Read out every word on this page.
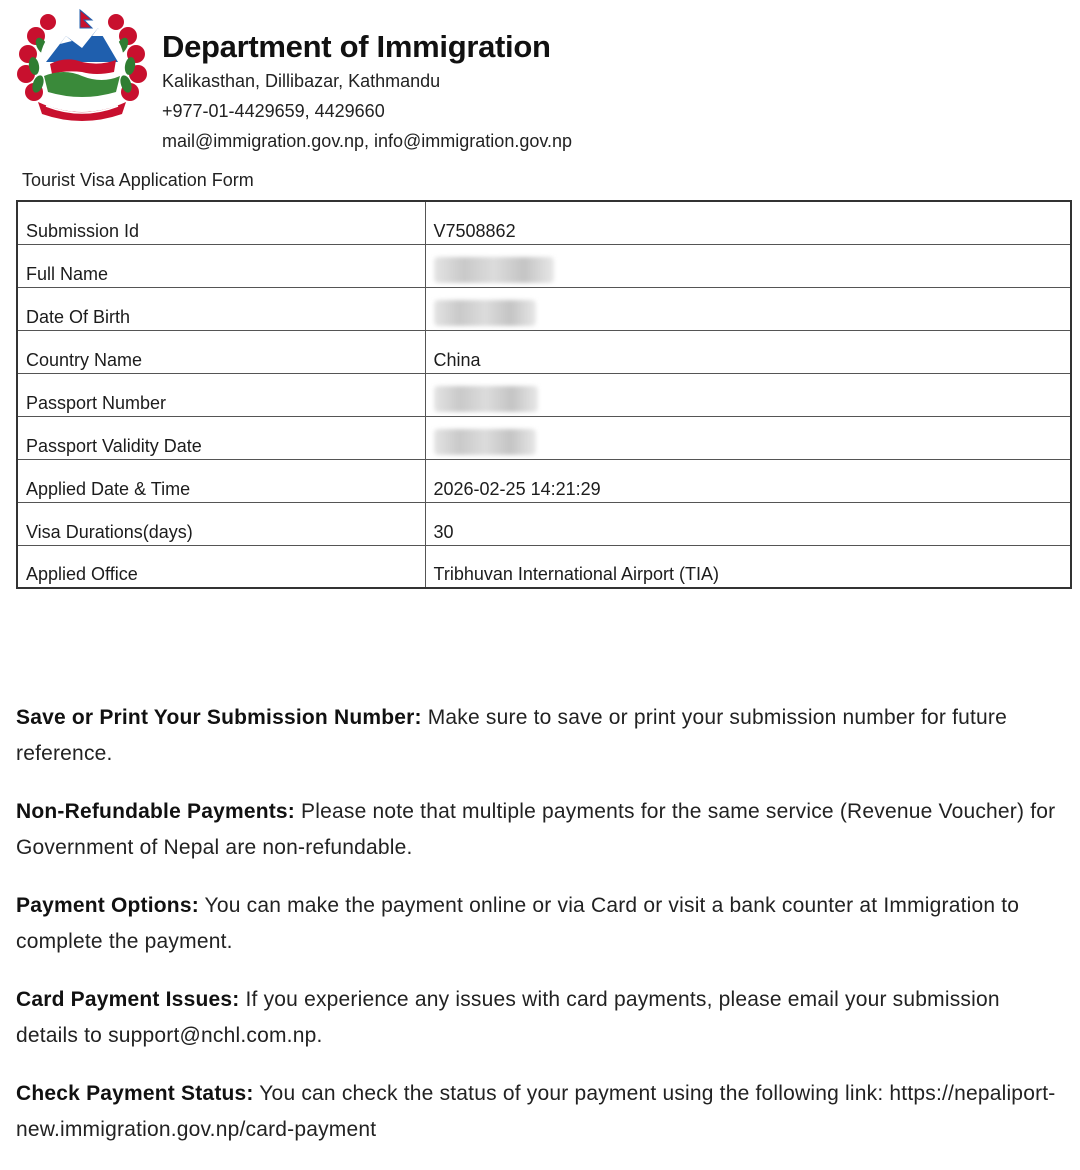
Department of Immigration
Kalikasthan, Dillibazar, Kathmandu
+977-01-4429659, 4429660
mail@immigration.gov.np, info@immigration.gov.np
Tourist Visa Application Form
Submission Id	V7508862
Full Name	
Date Of Birth	
Country Name	China
Passport Number	
Passport Validity Date	
Applied Date & Time	2026-02-25 14:21:29
Visa Durations(days)	30
Applied Office	Tribhuvan International Airport (TIA)

Save or Print Your Submission Number: Make sure to save or print your submission number for future reference.

Non-Refundable Payments: Please note that multiple payments for the same service (Revenue Voucher) for Government of Nepal are non-refundable.

Payment Options: You can make the payment online or via Card or visit a bank counter at Immigration to complete the payment.

Card Payment Issues: If you experience any issues with card payments, please email your submission details to support@nchl.com.np.

Check Payment Status: You can check the status of your payment using the following link: https://nepaliport-new.immigration.gov.np/card-payment
